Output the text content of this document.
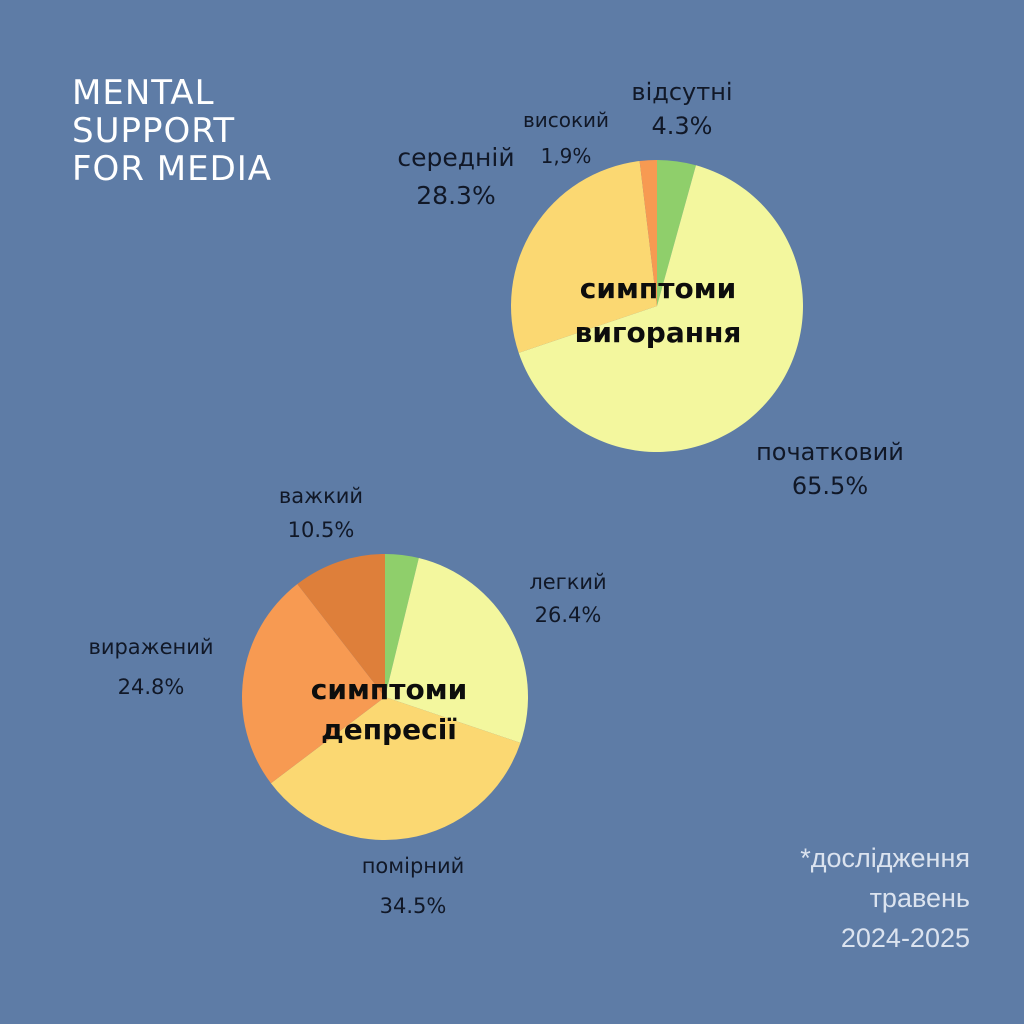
MENTAL
SUPPORT
FOR MEDIA
відсутні
4.3%
початковий
65.5%
середній
28.3%
високий
1,9%
симптоми
вигорання
легкий
26.4%
помірний
34.5%
виражений
24.8%
важкий
10.5%
симптоми
депресії
*дослідження
травень
2024-2025
